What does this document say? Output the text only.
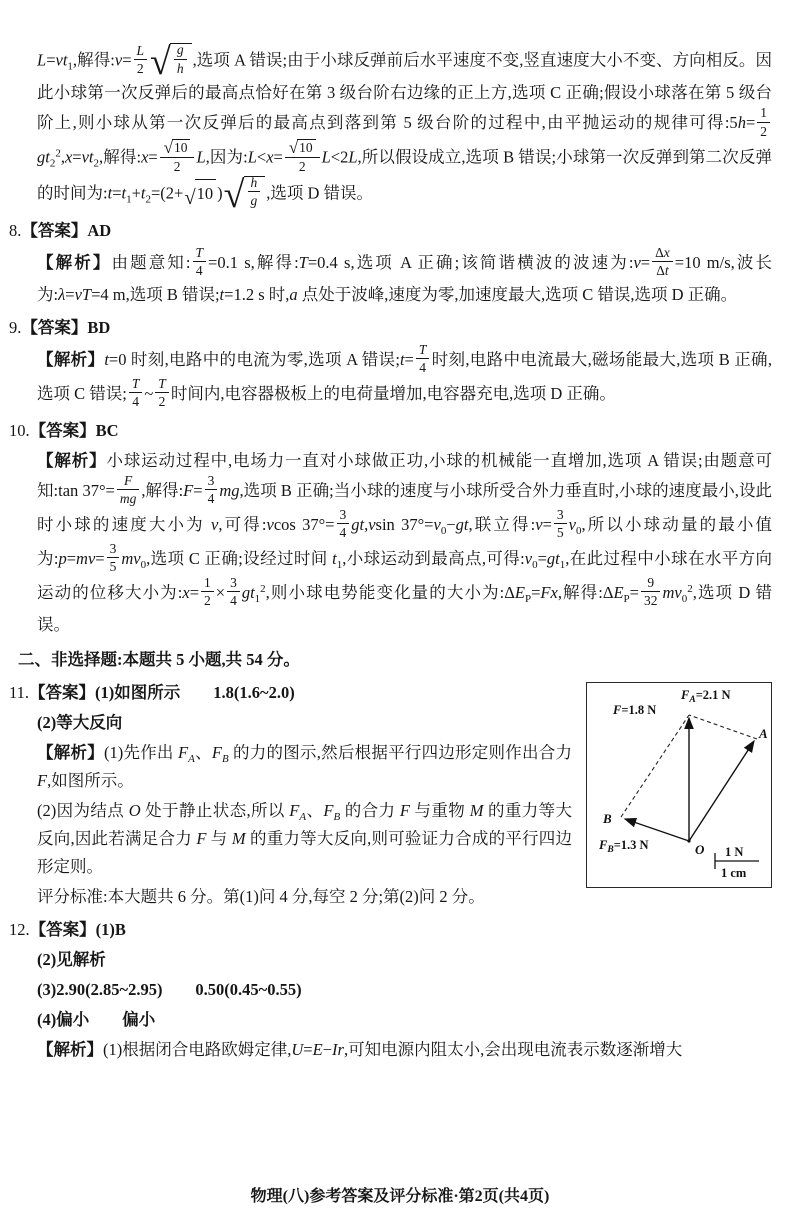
$L=vt_1$,解得:v= $\frac{L}{2}$ √ $\frac{g}{h}$ ,选项 A 错误;由于小球反弹前后水平速度不变,竖直速度大小不变、方向相反。因此小球第一次反弹后的最高点恰好在第 3 级台阶右边缘的正上方,选项 C 正确;假设小球落在第 5 级台阶上,则小球从第一次反弹后的最高点到落到第 5 级台阶的过程中,由平抛运动的规律可得:5h= $\frac{1}{2}$
$gt_2^2,x=vt_2$,解得:x= $\frac{√ 10}{2} L$,因为:L<x= $\frac{√ 10}{2} L<2L$,所以假设成立,选项 B 错误;小球第一次反弹到第二次反弹的时间为$:t=t_1+t_2=(2+$ √ 10 ) √ $\frac{h}{g}$ ,选项 D 错误。

8.【答案】AD

【解析】由题意知: $\frac{T}{4} =0.1$ s,解得:T=0.4 s,选项 A 正确;该简谐横波的波速为:v= $\frac{\Delta x}{\Delta t} =10$ m/s,波长为:λ=vT=4 m,选项 B 错误;t=1.2 s 时,a 点处于波峰,速度为零,加速度最大,选项 C 错误,选项 D 正确。

9.【答案】BD

【解析】t=0 时刻,电路中的电流为零,选项 A 错误;t= $\frac{T}{4}$ 时刻,电路中电流最大,磁场能最大,选项 B 正确,选项 C 错误; $\frac{T}{4}$ ~ $\frac{T}{2}$ 时间内,电容器极板上的电荷量增加,电容器充电,选项 D 正确。

10.【答案】BC

【解析】小球运动过程中,电场力一直对小球做正功,小球的机械能一直增加,选项 A 错误;由题意可知:tan $37^\circ= \frac{F}{mg}$ ,解得:F= $\frac{3}{4}$ mg,选项 B 正确;当小球的速度与小球所受合外力垂直时,小球的速度最小,设此时小球的速度大小为 v,可得:vcos $37^\circ= \frac{3}{4} gt,vsin$ $37^\circ=v_0-gt$,联立得:v= $\frac{3}{5} v_0$,所以小球动量的最小值为:p=mv= $\frac{3}{5} mv_0$,选项 C 正确;设经过时间 $t_1$,小球运动到最高点,可得$:v_0=gt_1$,在此过程中小球在水平方向运动的位移大小为:x= $\frac{1}{2} \times \frac{3}{4} gt_1^2$,则小球电势能变化量的大小为$:\Delta E_P=Fx$,解得$:\Delta E_P= \frac{9}{32} mv_0^2$,选项 D 错误。

二、非选择题:本题共 5 小题,共 54 分。

F=1.8 N
$F_A=2.1$ N
$F_B=1.3$ N
A
B
O 1 N
1 cm

11.【答案】(1)如图所示　　1.8(1.6~2.0)

(2)等大反向

【解析】(1)先作出 $F_A$、$F_B$ 的力的图示,然后根据平行四边形定则作出合力 F,如图所示。

(2)因为结点 O 处于静止状态,所以 $F_A$、$F_B$ 的合力 F 与重物 M 的重力等大反向,因此若满足合力 F 与 M 的重力等大反向,则可验证力合成的平行四边形定则。

评分标准:本大题共 6 分。第(1)问 4 分,每空 2 分;第(2)问 2 分。

12.【答案】(1)B

(2)见解析

(3)2.90(2.85~2.95)　　0.50(0.45~0.55)

(4)偏小　　偏小

【解析】(1)根据闭合电路欧姆定律,U=E−Ir,可知电源内阻太小,会出现电流表示数逐渐增大

物理(八)参考答案及评分标准·第2页(共4页)
